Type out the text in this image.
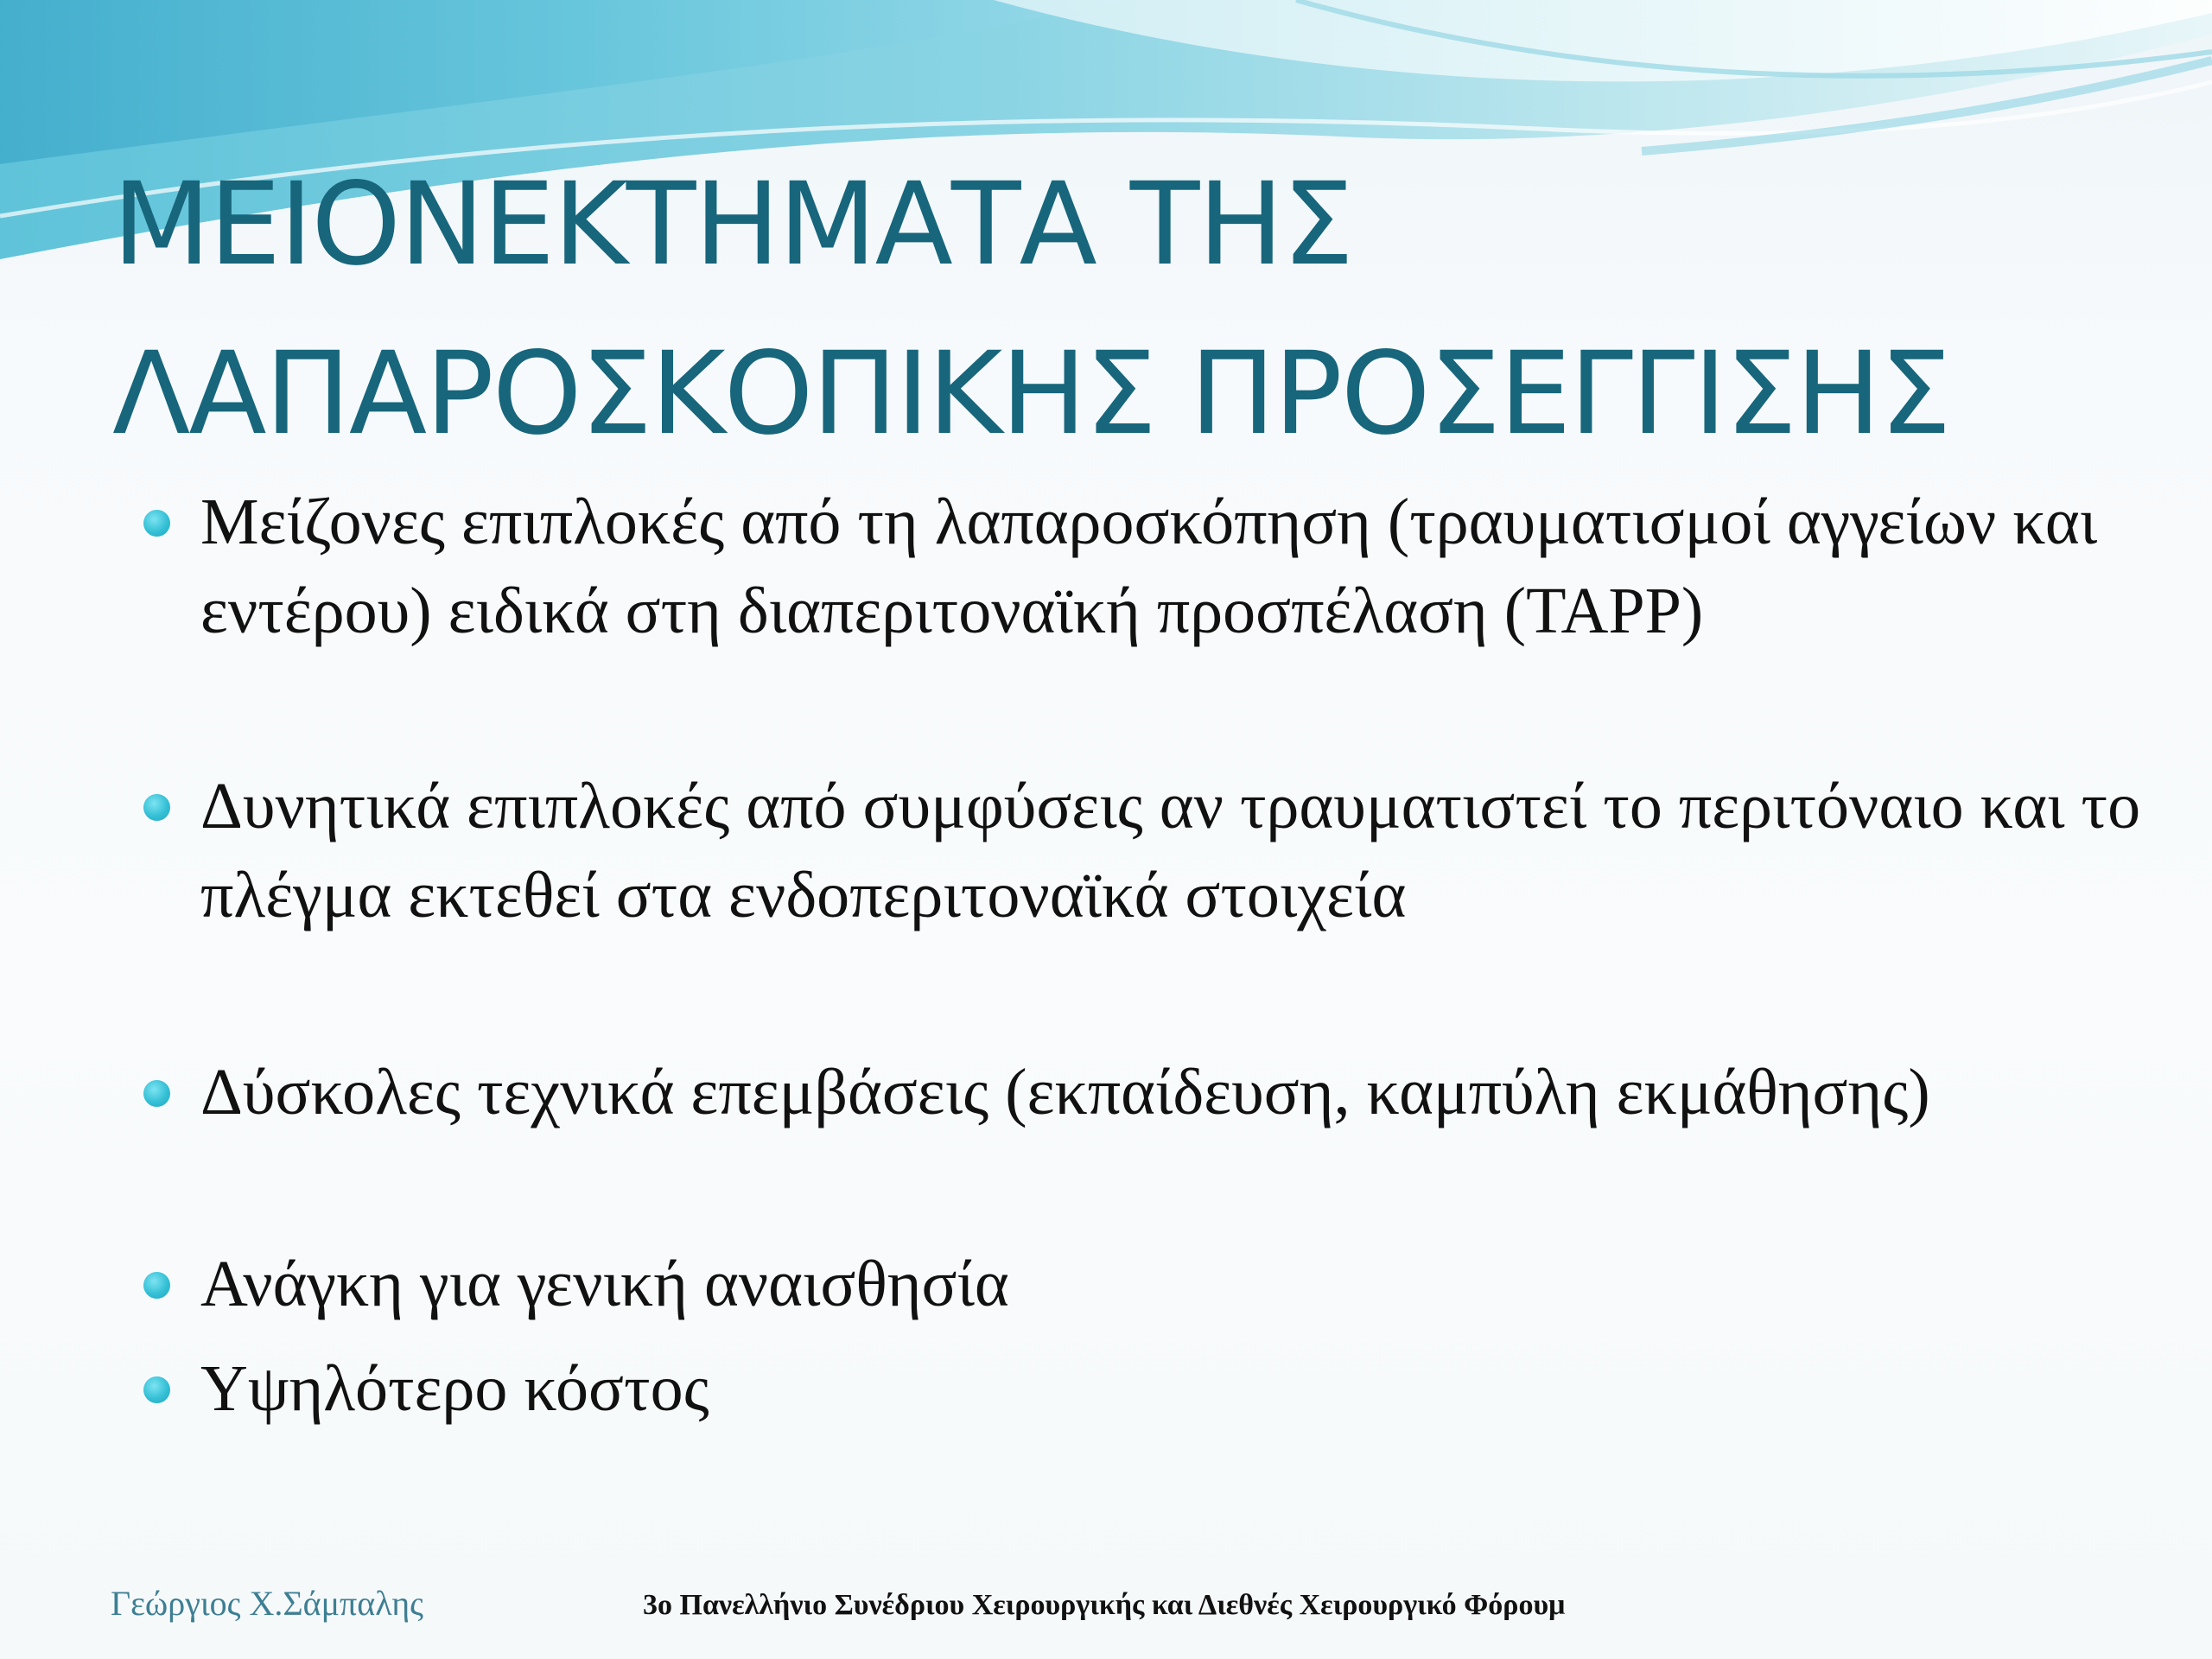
ΜΕΙΟΝΕΚΤΗΜΑΤΑ ΤΗΣ ΛΑΠΑΡΟΣΚΟΠΙΚΗΣ ΠΡΟΣΕΓΓΙΣΗΣ
Μείζονες επιπλοκές από τη λαπαροσκόπηση (τραυματισμοί αγγείων και εντέρου) ειδικά στη διαπεριτοναϊκή προσπέλαση (TAPP)
Δυνητικά επιπλοκές από συμφύσεις αν τραυματιστεί το περιτόναιο και το πλέγμα εκτεθεί στα ενδοπεριτοναϊκά στοιχεία
Δύσκολες τεχνικά επεμβάσεις (εκπαίδευση, καμπύλη εκμάθησης)
Ανάγκη για γενική αναισθησία
Υψηλότερο κόστος
Γεώργιος Χ.Σάμπαλης	3ο Πανελλήνιο Συνέδριου Χειρουργικής και Διεθνές Χειρουργικό Φόρουμ
